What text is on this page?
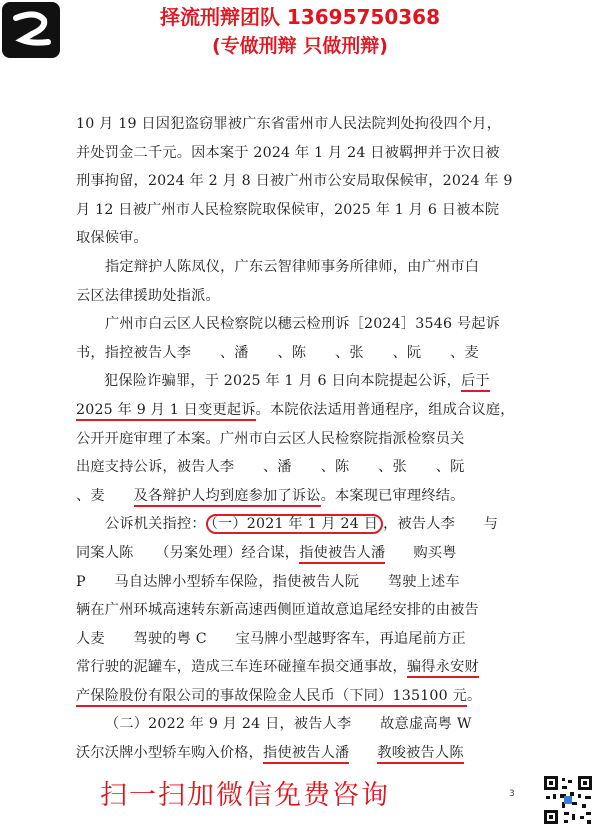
择流刑辩团队 13695750368
(专做刑辩 只做刑辩)
10 月 19 日因犯盗窃罪被广东省雷州市人民法院判处拘役四个月，
并处罚金二千元。因本案于 2024 年 1 月 24 日被羁押并于次日被
刑事拘留，2024 年 2 月 8 日被广州市公安局取保候审，2024 年 9
月 12 日被广州市人民检察院取保候审，2025 年 1 月 6 日被本院
取保候审。
指定辩护人陈凤仪，广东云智律师事务所律师，由广州市白
云区法律援助处指派。
广州市白云区人民检察院以穗云检刑诉［2024］3546 号起诉
书，指控被告人李　　、潘　　、陈　　、张　　、阮　　、麦
犯保险诈骗罪，于 2025 年 1 月 6 日向本院提起公诉，后于
2025 年 9 月 1 日变更起诉。本院依法适用普通程序，组成合议庭，
公开开庭审理了本案。广州市白云区人民检察院指派检察员关
出庭支持公诉，被告人李　　、潘　　、陈　　、张　　、阮
、麦　　及各辩护人均到庭参加了诉讼。本案现已审理终结。
公诉机关指控： （一）2021 年 1 月 24 日 ，被告人李　　与
同案人陈　　（另案处理）经合谋，指使被告人潘 购买粤
P　　马自达牌小型轿车保险，指使被告人阮　　驾驶上述车
辆在广州环城高速转东新高速西侧匝道故意追尾经安排的由被告
人麦　　驾驶的粤 C　　宝马牌小型越野客车，再追尾前方正
常行驶的泥罐车，造成三车连环碰撞车损交通事故，骗得永安财
产保险股份有限公司的事故保险金人民币（下同）135100 元。
（二）2022 年 9 月 24 日，被告人李　　故意虚高粤 W
沃尔沃牌小型轿车购入价格，指使被告人潘 教唆被告人陈
扫一扫加微信免费咨询	3
